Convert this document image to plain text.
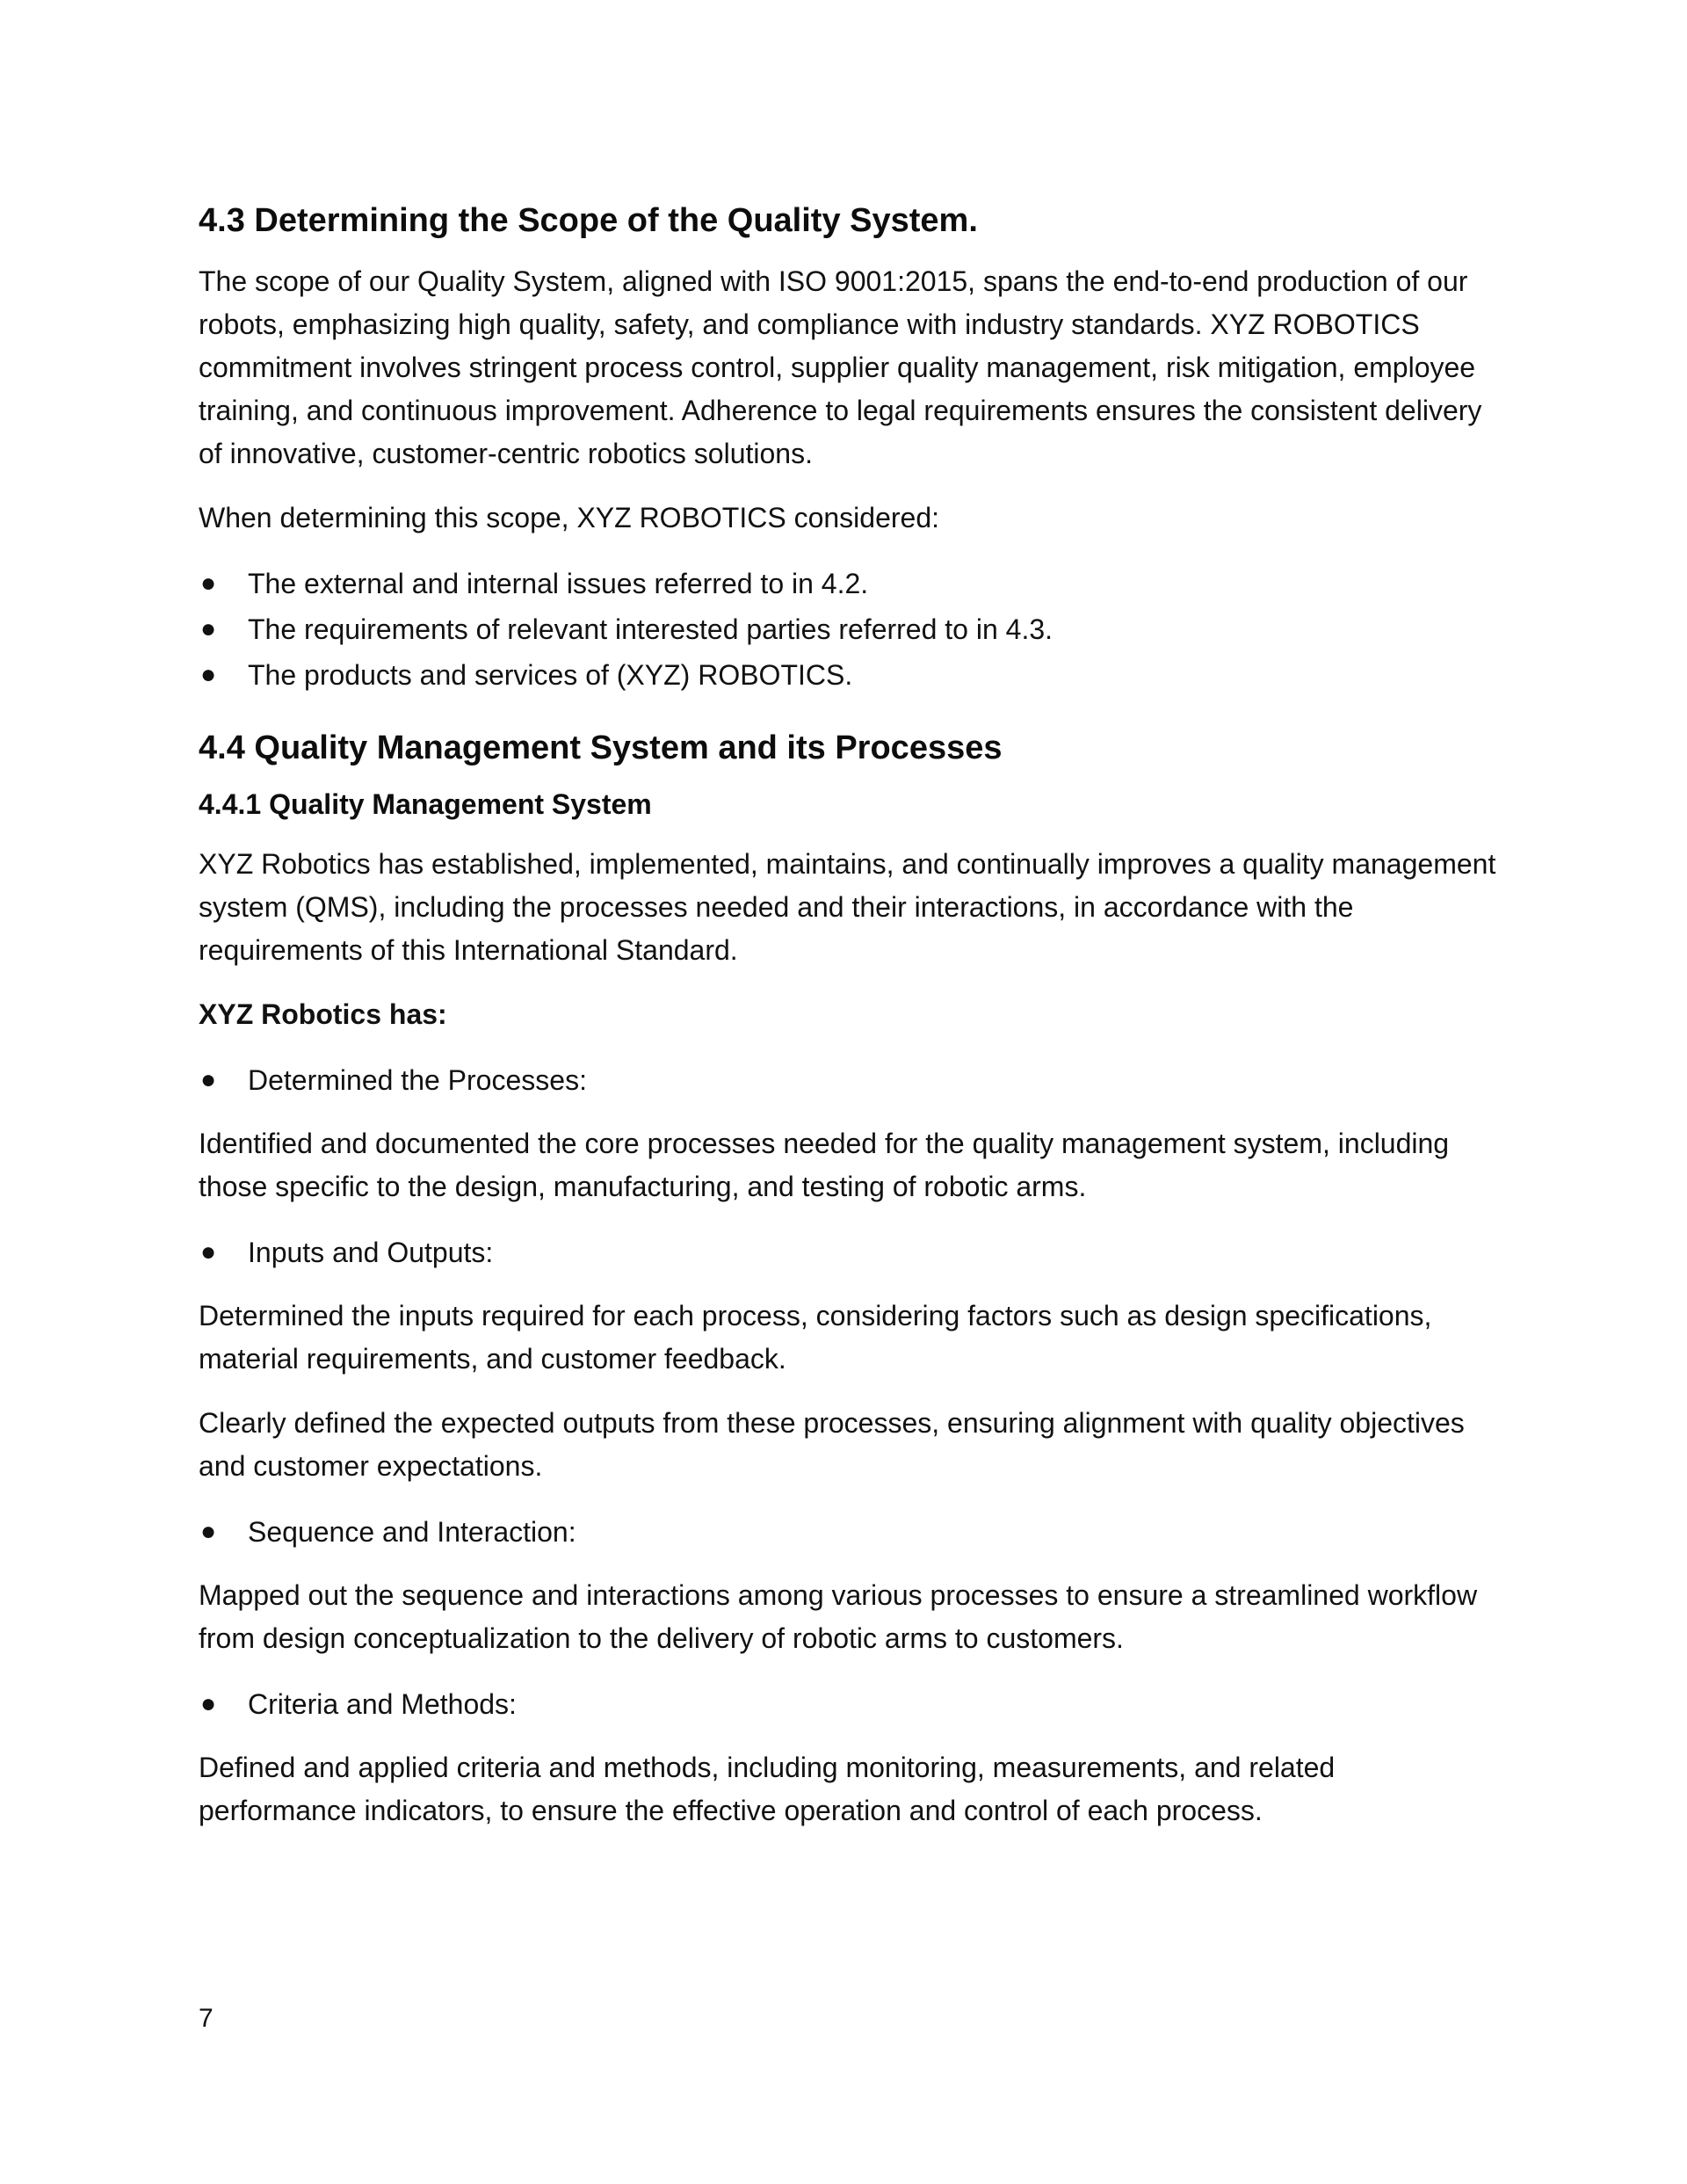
4.3 Determining the Scope of the Quality System.

The scope of our Quality System, aligned with ISO 9001:2015, spans the end-to-end production of our robots, emphasizing high quality, safety, and compliance with industry standards. XYZ ROBOTICS commitment involves stringent process control, supplier quality management, risk mitigation, employee training, and continuous improvement. Adherence to legal requirements ensures the consistent delivery of innovative, customer-centric robotics solutions.

When determining this scope, XYZ ROBOTICS considered:

● The external and internal issues referred to in 4.2.
● The requirements of relevant interested parties referred to in 4.3.
● The products and services of (XYZ) ROBOTICS.
4.4 Quality Management System and its Processes
4.4.1 Quality Management System

XYZ Robotics has established, implemented, maintains, and continually improves a quality management system (QMS), including the processes needed and their interactions, in accordance with the requirements of this International Standard.

XYZ Robotics has:

● Determined the Processes:

Identified and documented the core processes needed for the quality management system, including those specific to the design, manufacturing, and testing of robotic arms.

● Inputs and Outputs:

Determined the inputs required for each process, considering factors such as design specifications, material requirements, and customer feedback.

Clearly defined the expected outputs from these processes, ensuring alignment with quality objectives and customer expectations.

● Sequence and Interaction:

Mapped out the sequence and interactions among various processes to ensure a streamlined workflow from design conceptualization to the delivery of robotic arms to customers.

● Criteria and Methods:

Defined and applied criteria and methods, including monitoring, measurements, and related performance indicators, to ensure the effective operation and control of each process.

7
